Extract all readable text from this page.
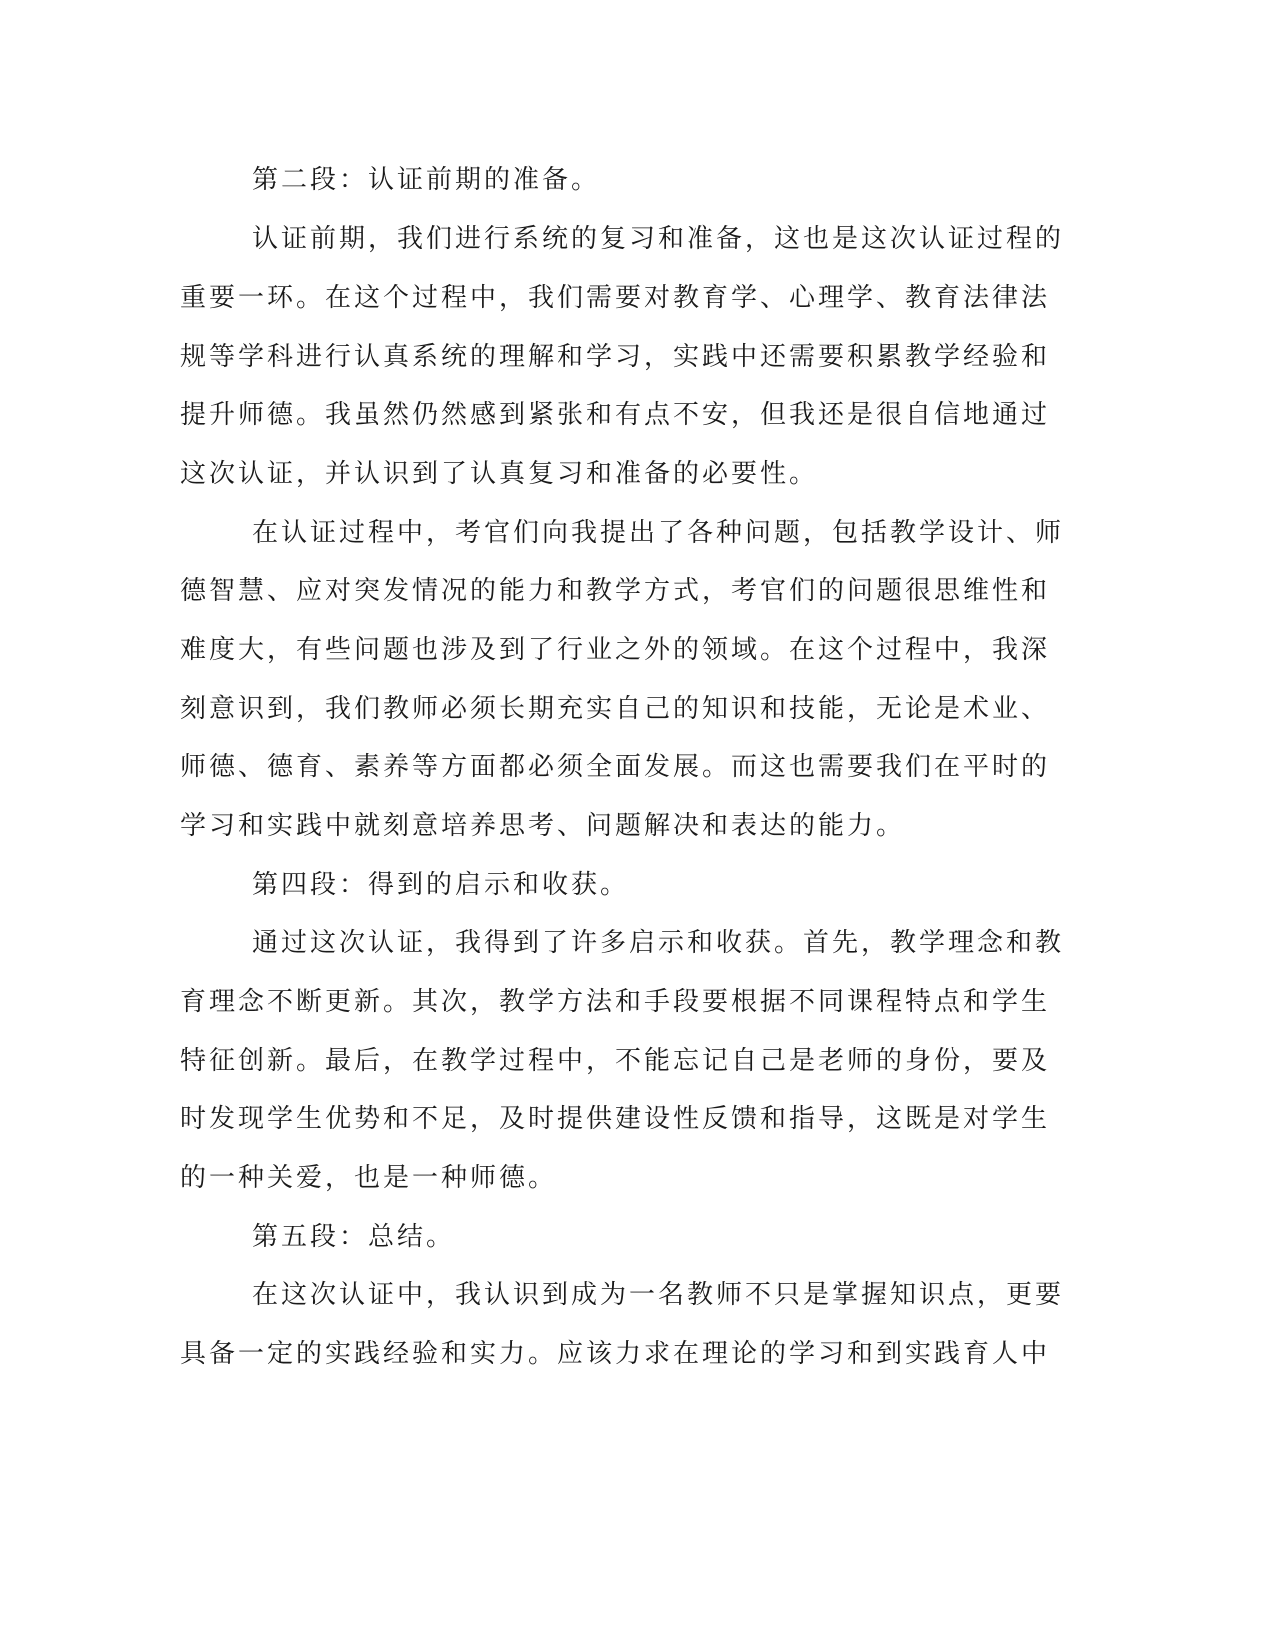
第二段：认证前期的准备。

认证前期，我们进行系统的复习和准备，这也是这次认证过程的

重要一环。在这个过程中，我们需要对教育学、心理学、教育法律法

规等学科进行认真系统的理解和学习，实践中还需要积累教学经验和

提升师德。我虽然仍然感到紧张和有点不安，但我还是很自信地通过

这次认证，并认识到了认真复习和准备的必要性。

在认证过程中，考官们向我提出了各种问题，包括教学设计、师

德智慧、应对突发情况的能力和教学方式，考官们的问题很思维性和

难度大，有些问题也涉及到了行业之外的领域。在这个过程中，我深

刻意识到，我们教师必须长期充实自己的知识和技能，无论是术业、

师德、德育、素养等方面都必须全面发展。而这也需要我们在平时的

学习和实践中就刻意培养思考、问题解决和表达的能力。

第四段：得到的启示和收获。

通过这次认证，我得到了许多启示和收获。首先，教学理念和教

育理念不断更新。其次，教学方法和手段要根据不同课程特点和学生

特征创新。最后，在教学过程中，不能忘记自己是老师的身份，要及

时发现学生优势和不足，及时提供建设性反馈和指导，这既是对学生

的一种关爱，也是一种师德。

第五段：总结。

在这次认证中，我认识到成为一名教师不只是掌握知识点，更要

具备一定的实践经验和实力。应该力求在理论的学习和到实践育人中
